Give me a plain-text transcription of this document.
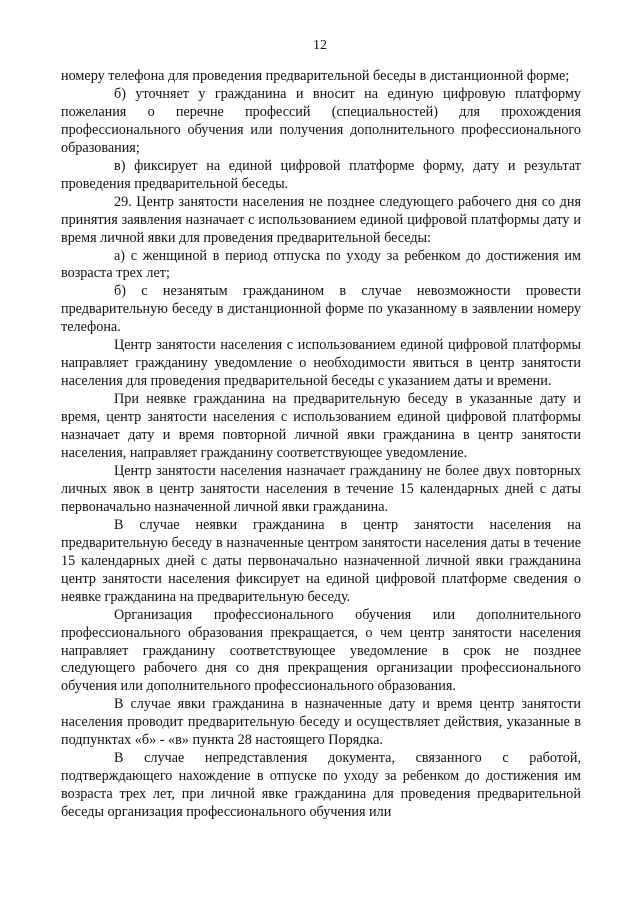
12

номеру телефона для проведения предварительной беседы в дистанционной форме;

б) уточняет у гражданина и вносит на единую цифровую платформу пожелания о перечне профессий (специальностей) для прохождения профессионального обучения или получения дополнительного профессионального образования;

в) фиксирует на единой цифровой платформе форму, дату и результат проведения предварительной беседы.

29. Центр занятости населения не позднее следующего рабочего дня со дня принятия заявления назначает с использованием единой цифровой платформы дату и время личной явки для проведения предварительной беседы:

а) с женщиной в период отпуска по уходу за ребенком до достижения им возраста трех лет;

б) с незанятым гражданином в случае невозможности провести предварительную беседу в дистанционной форме по указанному в заявлении номеру телефона.

Центр занятости населения с использованием единой цифровой платформы направляет гражданину уведомление о необходимости явиться в центр занятости населения для проведения предварительной беседы с указанием даты и времени.

При неявке гражданина на предварительную беседу в указанные дату и время, центр занятости населения с использованием единой цифровой платформы назначает дату и время повторной личной явки гражданина в центр занятости населения, направляет гражданину соответствующее уведомление.

Центр занятости населения назначает гражданину не более двух повторных личных явок в центр занятости населения в течение 15 календарных дней с даты первоначально назначенной личной явки гражданина.

В случае неявки гражданина в центр занятости населения на предварительную беседу в назначенные центром занятости населения даты в течение 15 календарных дней с даты первоначально назначенной личной явки гражданина центр занятости населения фиксирует на единой цифровой платформе сведения о неявке гражданина на предварительную беседу.

Организация профессионального обучения или дополнительного профессионального образования прекращается, о чем центр занятости населения направляет гражданину соответствующее уведомление в срок не позднее следующего рабочего дня со дня прекращения организации профессионального обучения или дополнительного профессионального образования.

В случае явки гражданина в назначенные дату и время центр занятости населения проводит предварительную беседу и осуществляет действия, указанные в подпунктах «б» - «в» пункта 28 настоящего Порядка.

В случае непредставления документа, связанного с работой, подтверждающего нахождение в отпуске по уходу за ребенком до достижения им возраста трех лет, при личной явке гражданина для проведения предварительной беседы организация профессионального обучения или
